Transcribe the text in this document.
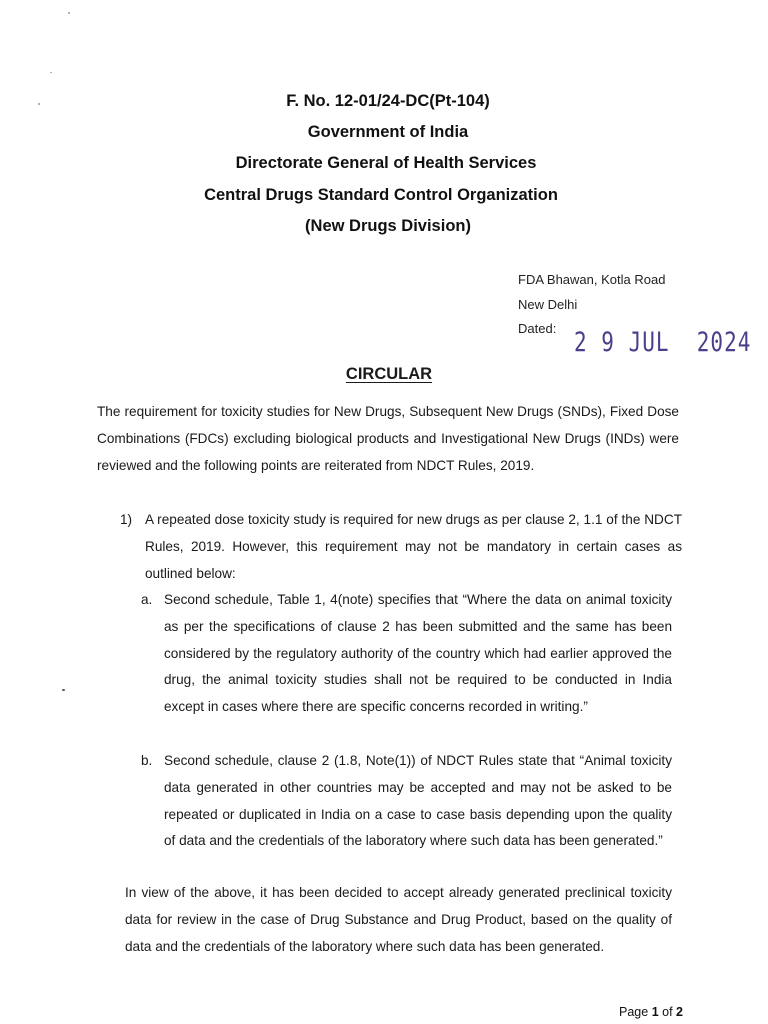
F. No. 12-01/24-DC(Pt-104)
Government of India
Directorate General of Health Services
Central Drugs Standard Control Organization
(New Drugs Division)
FDA Bhawan, Kotla Road
New Delhi
Dated: 2 9 JUL  2024
CIRCULAR
The requirement for toxicity studies for New Drugs, Subsequent New Drugs (SNDs), Fixed Dose Combinations (FDCs) excluding biological products and Investigational New Drugs (INDs) were reviewed and the following points are reiterated from NDCT Rules, 2019.
1) A repeated dose toxicity study is required for new drugs as per clause 2, 1.1 of the NDCT Rules, 2019. However, this requirement may not be mandatory in certain cases as outlined below:
a. Second schedule, Table 1, 4(note) specifies that “Where the data on animal toxicity as per the specifications of clause 2 has been submitted and the same has been considered by the regulatory authority of the country which had earlier approved the drug, the animal toxicity studies shall not be required to be conducted in India except in cases where there are specific concerns recorded in writing.”
b. Second schedule, clause 2 (1.8, Note(1)) of NDCT Rules state that “Animal toxicity data generated in other countries may be accepted and may not be asked to be repeated or duplicated in India on a case to case basis depending upon the quality of data and the credentials of the laboratory where such data has been generated.”
In view of the above, it has been decided to accept already generated preclinical toxicity data for review in the case of Drug Substance and Drug Product, based on the quality of data and the credentials of the laboratory where such data has been generated.
Page 1 of 2
